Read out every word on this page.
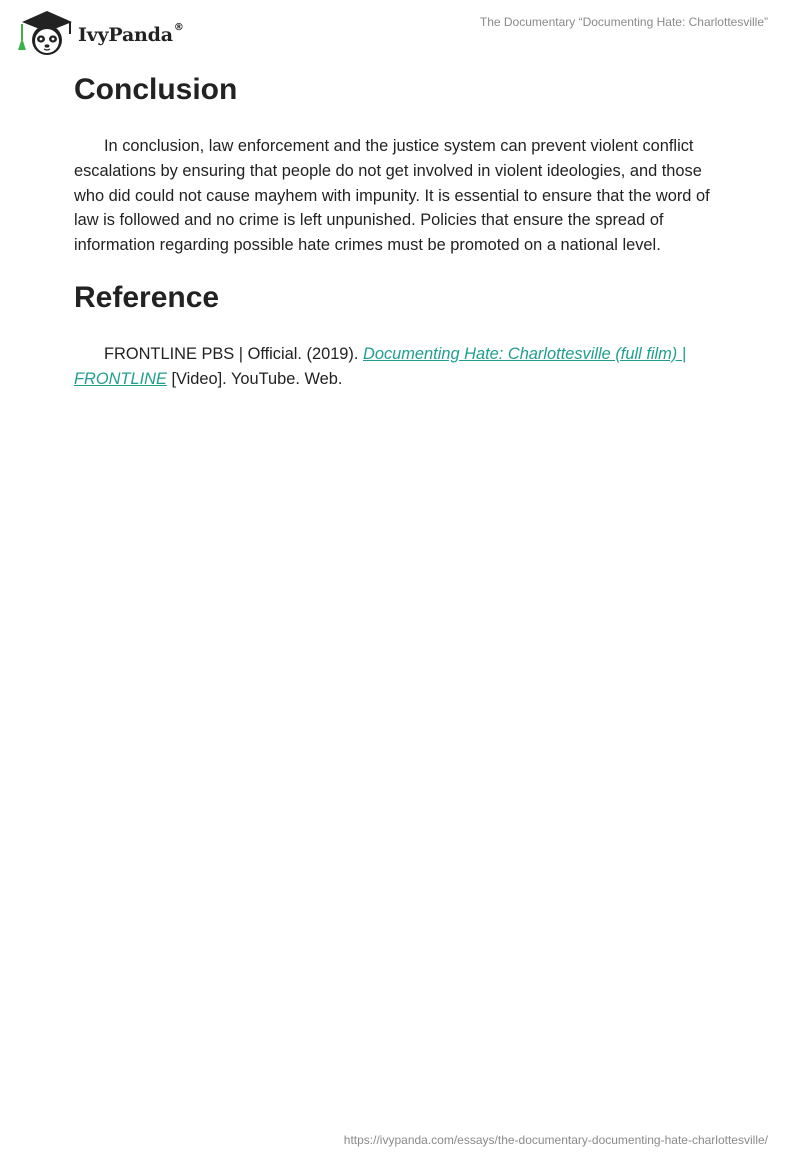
IvyPanda®	The Documentary “Documenting Hate: Charlottesville”
Conclusion

In conclusion, law enforcement and the justice system can prevent violent conflict escalations by ensuring that people do not get involved in violent ideologies, and those who did could not cause mayhem with impunity. It is essential to ensure that the word of law is followed and no crime is left unpunished. Policies that ensure the spread of information regarding possible hate crimes must be promoted on a national level.

Reference

FRONTLINE PBS | Official. (2019). Documenting Hate: Charlottesville (full film) | FRONTLINE [Video]. YouTube. Web.

https://ivypanda.com/essays/the-documentary-documenting-hate-charlottesville/
